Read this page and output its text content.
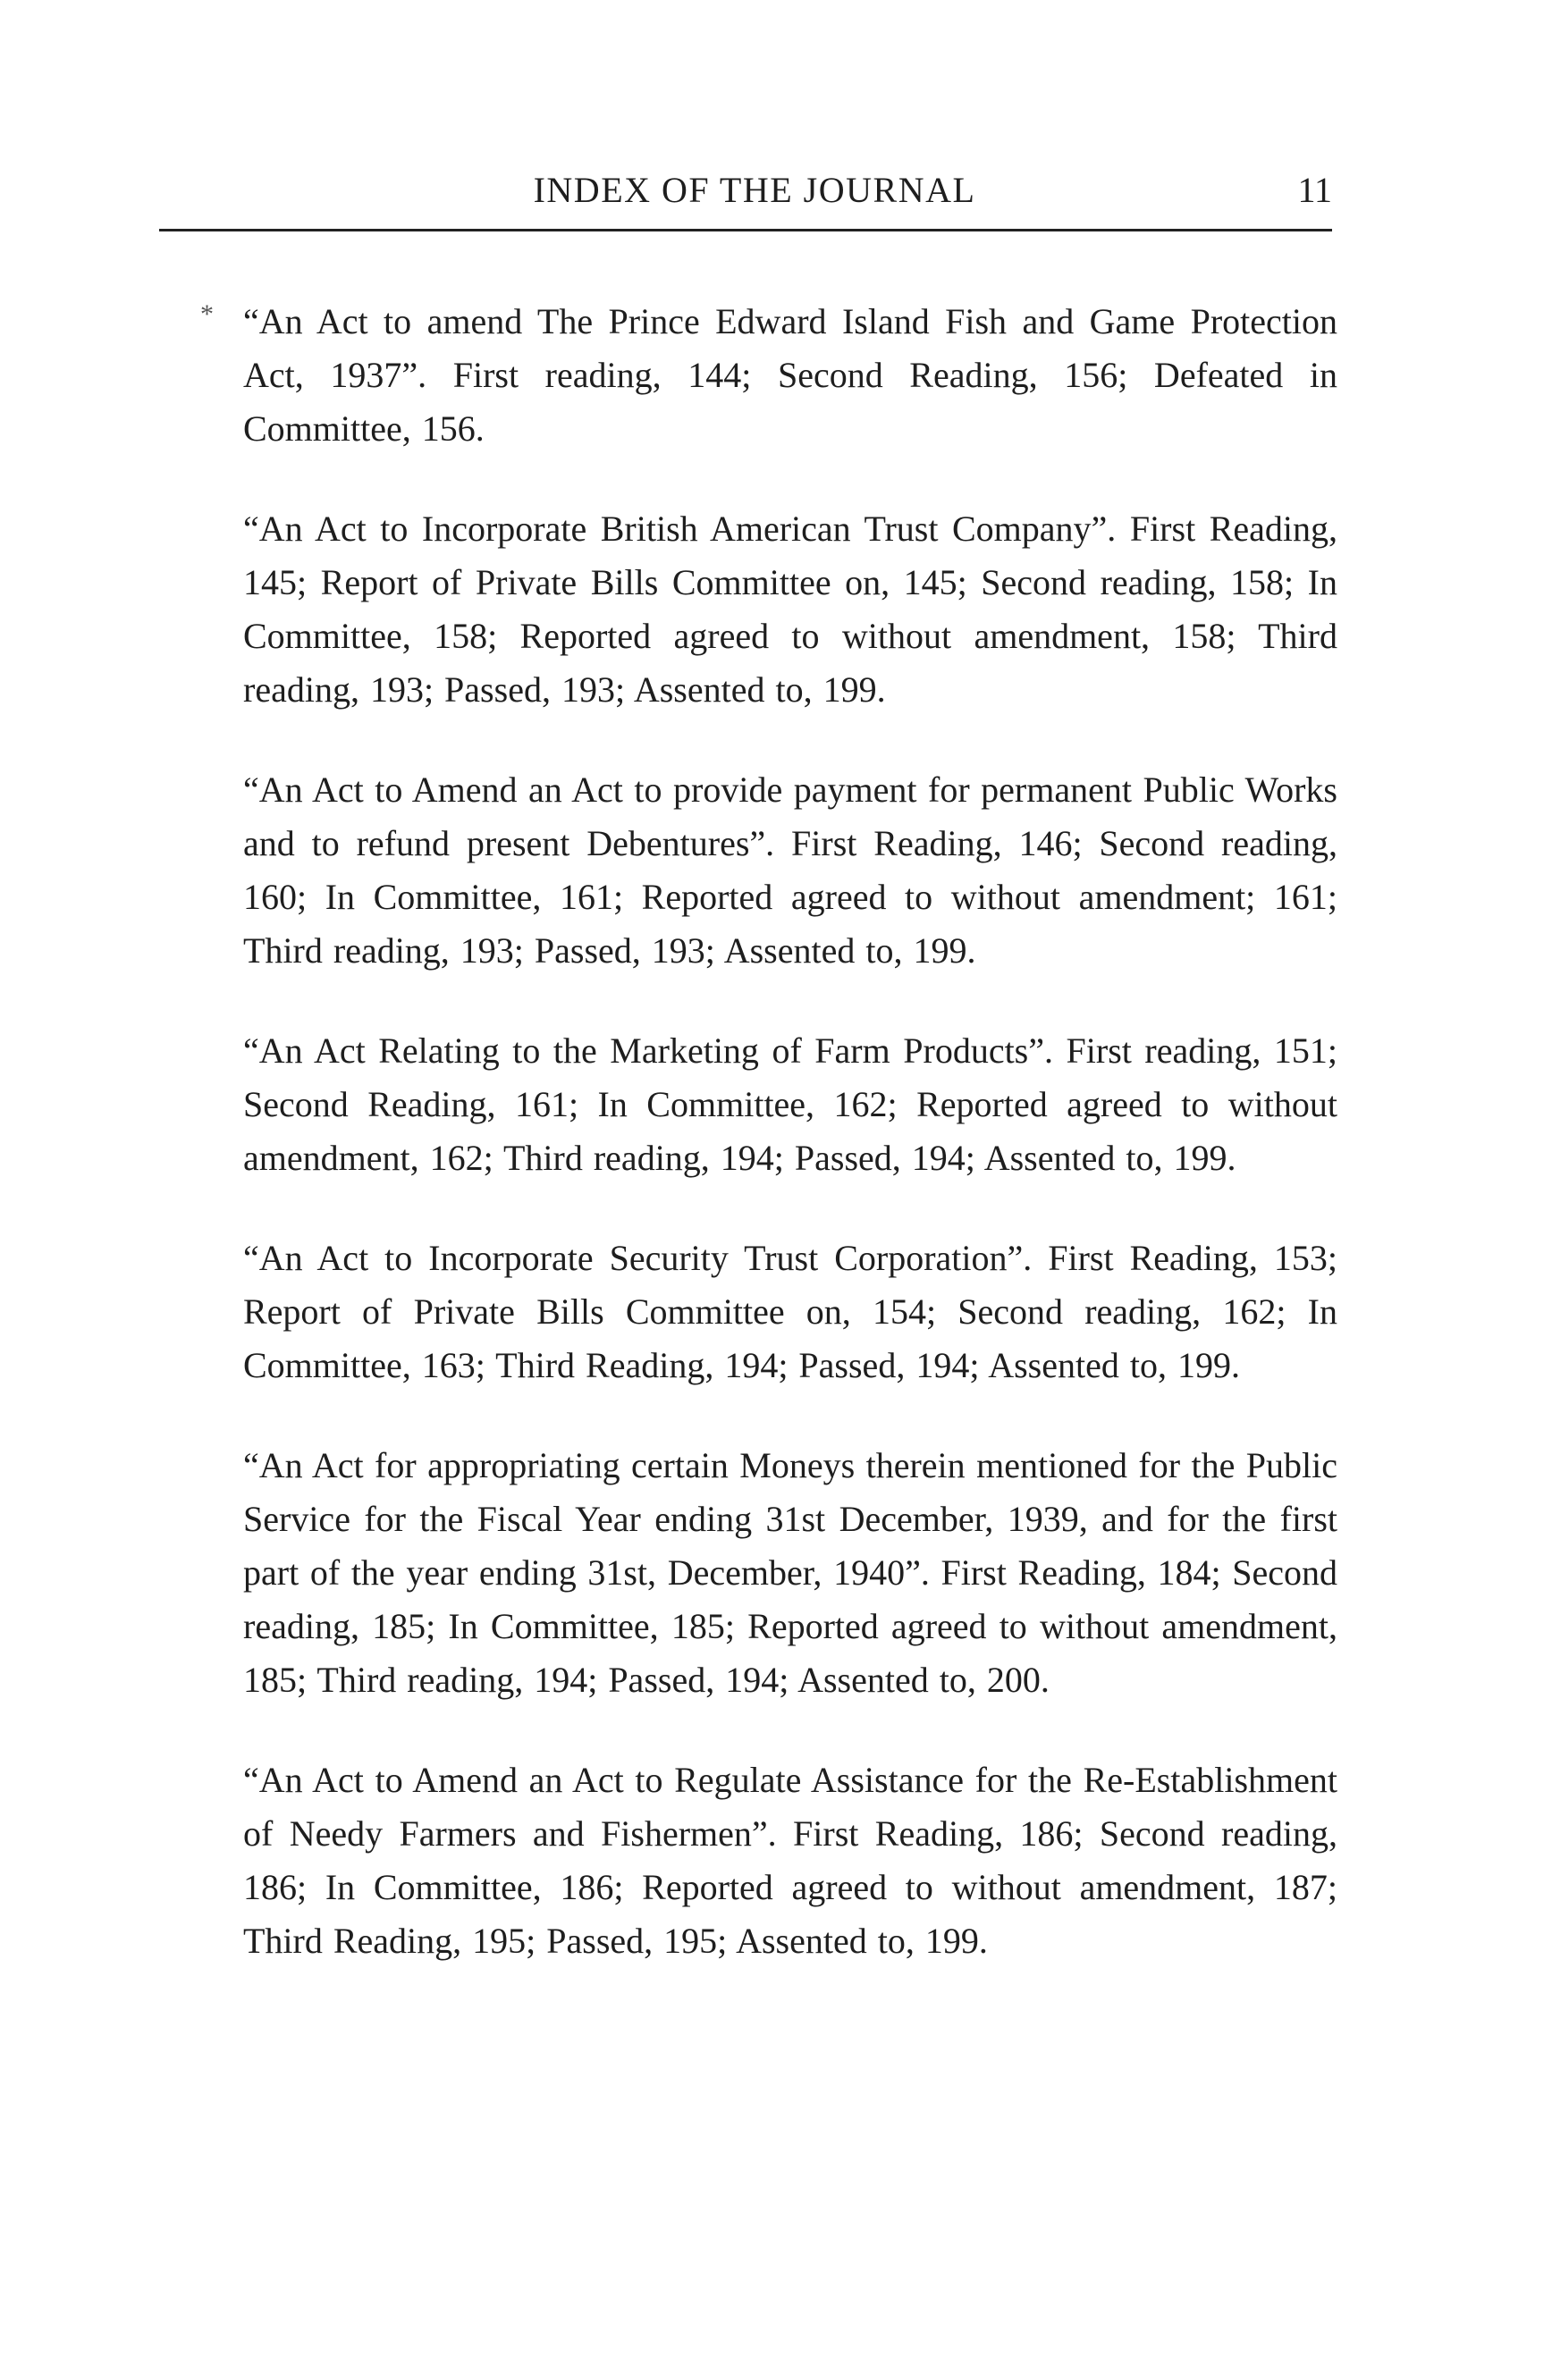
INDEX OF THE JOURNAL	11

* “An Act to amend The Prince Edward Island Fish and Game Protection Act, 1937”. First reading, 144; Second Reading, 156; Defeated in Committee, 156.

“An Act to Incorporate British American Trust Company”. First Reading, 145; Report of Private Bills Committee on, 145; Second reading, 158; In Committee, 158; Reported agreed to without amendment, 158; Third reading, 193; Passed, 193; Assented to, 199.

“An Act to Amend an Act to provide payment for permanent Public Works and to refund present Debentures”. First Reading, 146; Second reading, 160; In Committee, 161; Reported agreed to without amendment; 161; Third reading, 193; Passed, 193; Assented to, 199.

“An Act Relating to the Marketing of Farm Products”. First reading, 151; Second Reading, 161; In Committee, 162; Reported agreed to without amendment, 162; Third reading, 194; Passed, 194; Assented to, 199.

“An Act to Incorporate Security Trust Corporation”. First Reading, 153; Report of Private Bills Committee on, 154; Second reading, 162; In Committee, 163; Third Reading, 194; Passed, 194; Assented to, 199.

“An Act for appropriating certain Moneys therein mentioned for the Public Service for the Fiscal Year ending 31st December, 1939, and for the first part of the year ending 31st, December, 1940”. First Reading, 184; Second reading, 185; In Committee, 185; Reported agreed to without amendment, 185; Third reading, 194; Passed, 194; Assented to, 200.

“An Act to Amend an Act to Regulate Assistance for the Re-Establishment of Needy Farmers and Fishermen”. First Reading, 186; Second reading, 186; In Committee, 186; Reported agreed to without amendment, 187; Third Reading, 195; Passed, 195; Assented to, 199.
